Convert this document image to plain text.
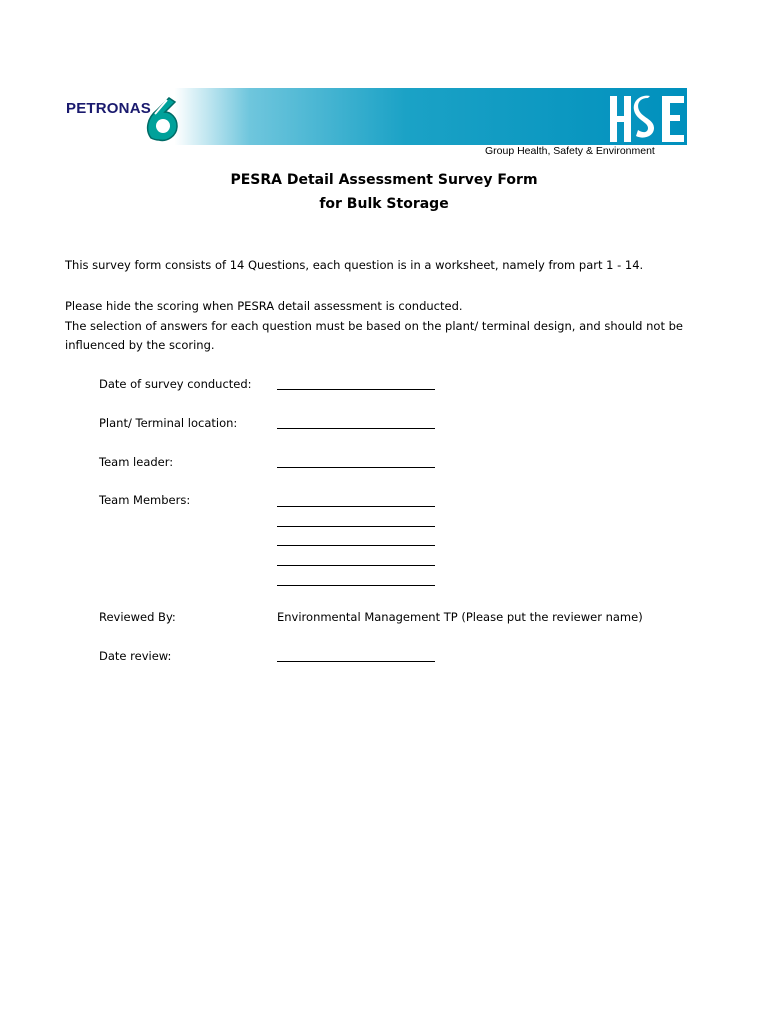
PETRONAS
Group Health, Safety & Environment
PESRA Detail Assessment Survey Form
for Bulk Storage
This survey form consists of 14 Questions, each question is in a worksheet, namely from part 1 - 14.
Please hide the scoring when PESRA detail assessment is conducted.
The selection of answers for each question must be based on the plant/ terminal design, and should not be
influenced by the scoring.
Date of survey conducted:
Plant/ Terminal location:
Team leader:
Team Members:
Reviewed By:	Environmental Management TP (Please put the reviewer name)
Date review:
